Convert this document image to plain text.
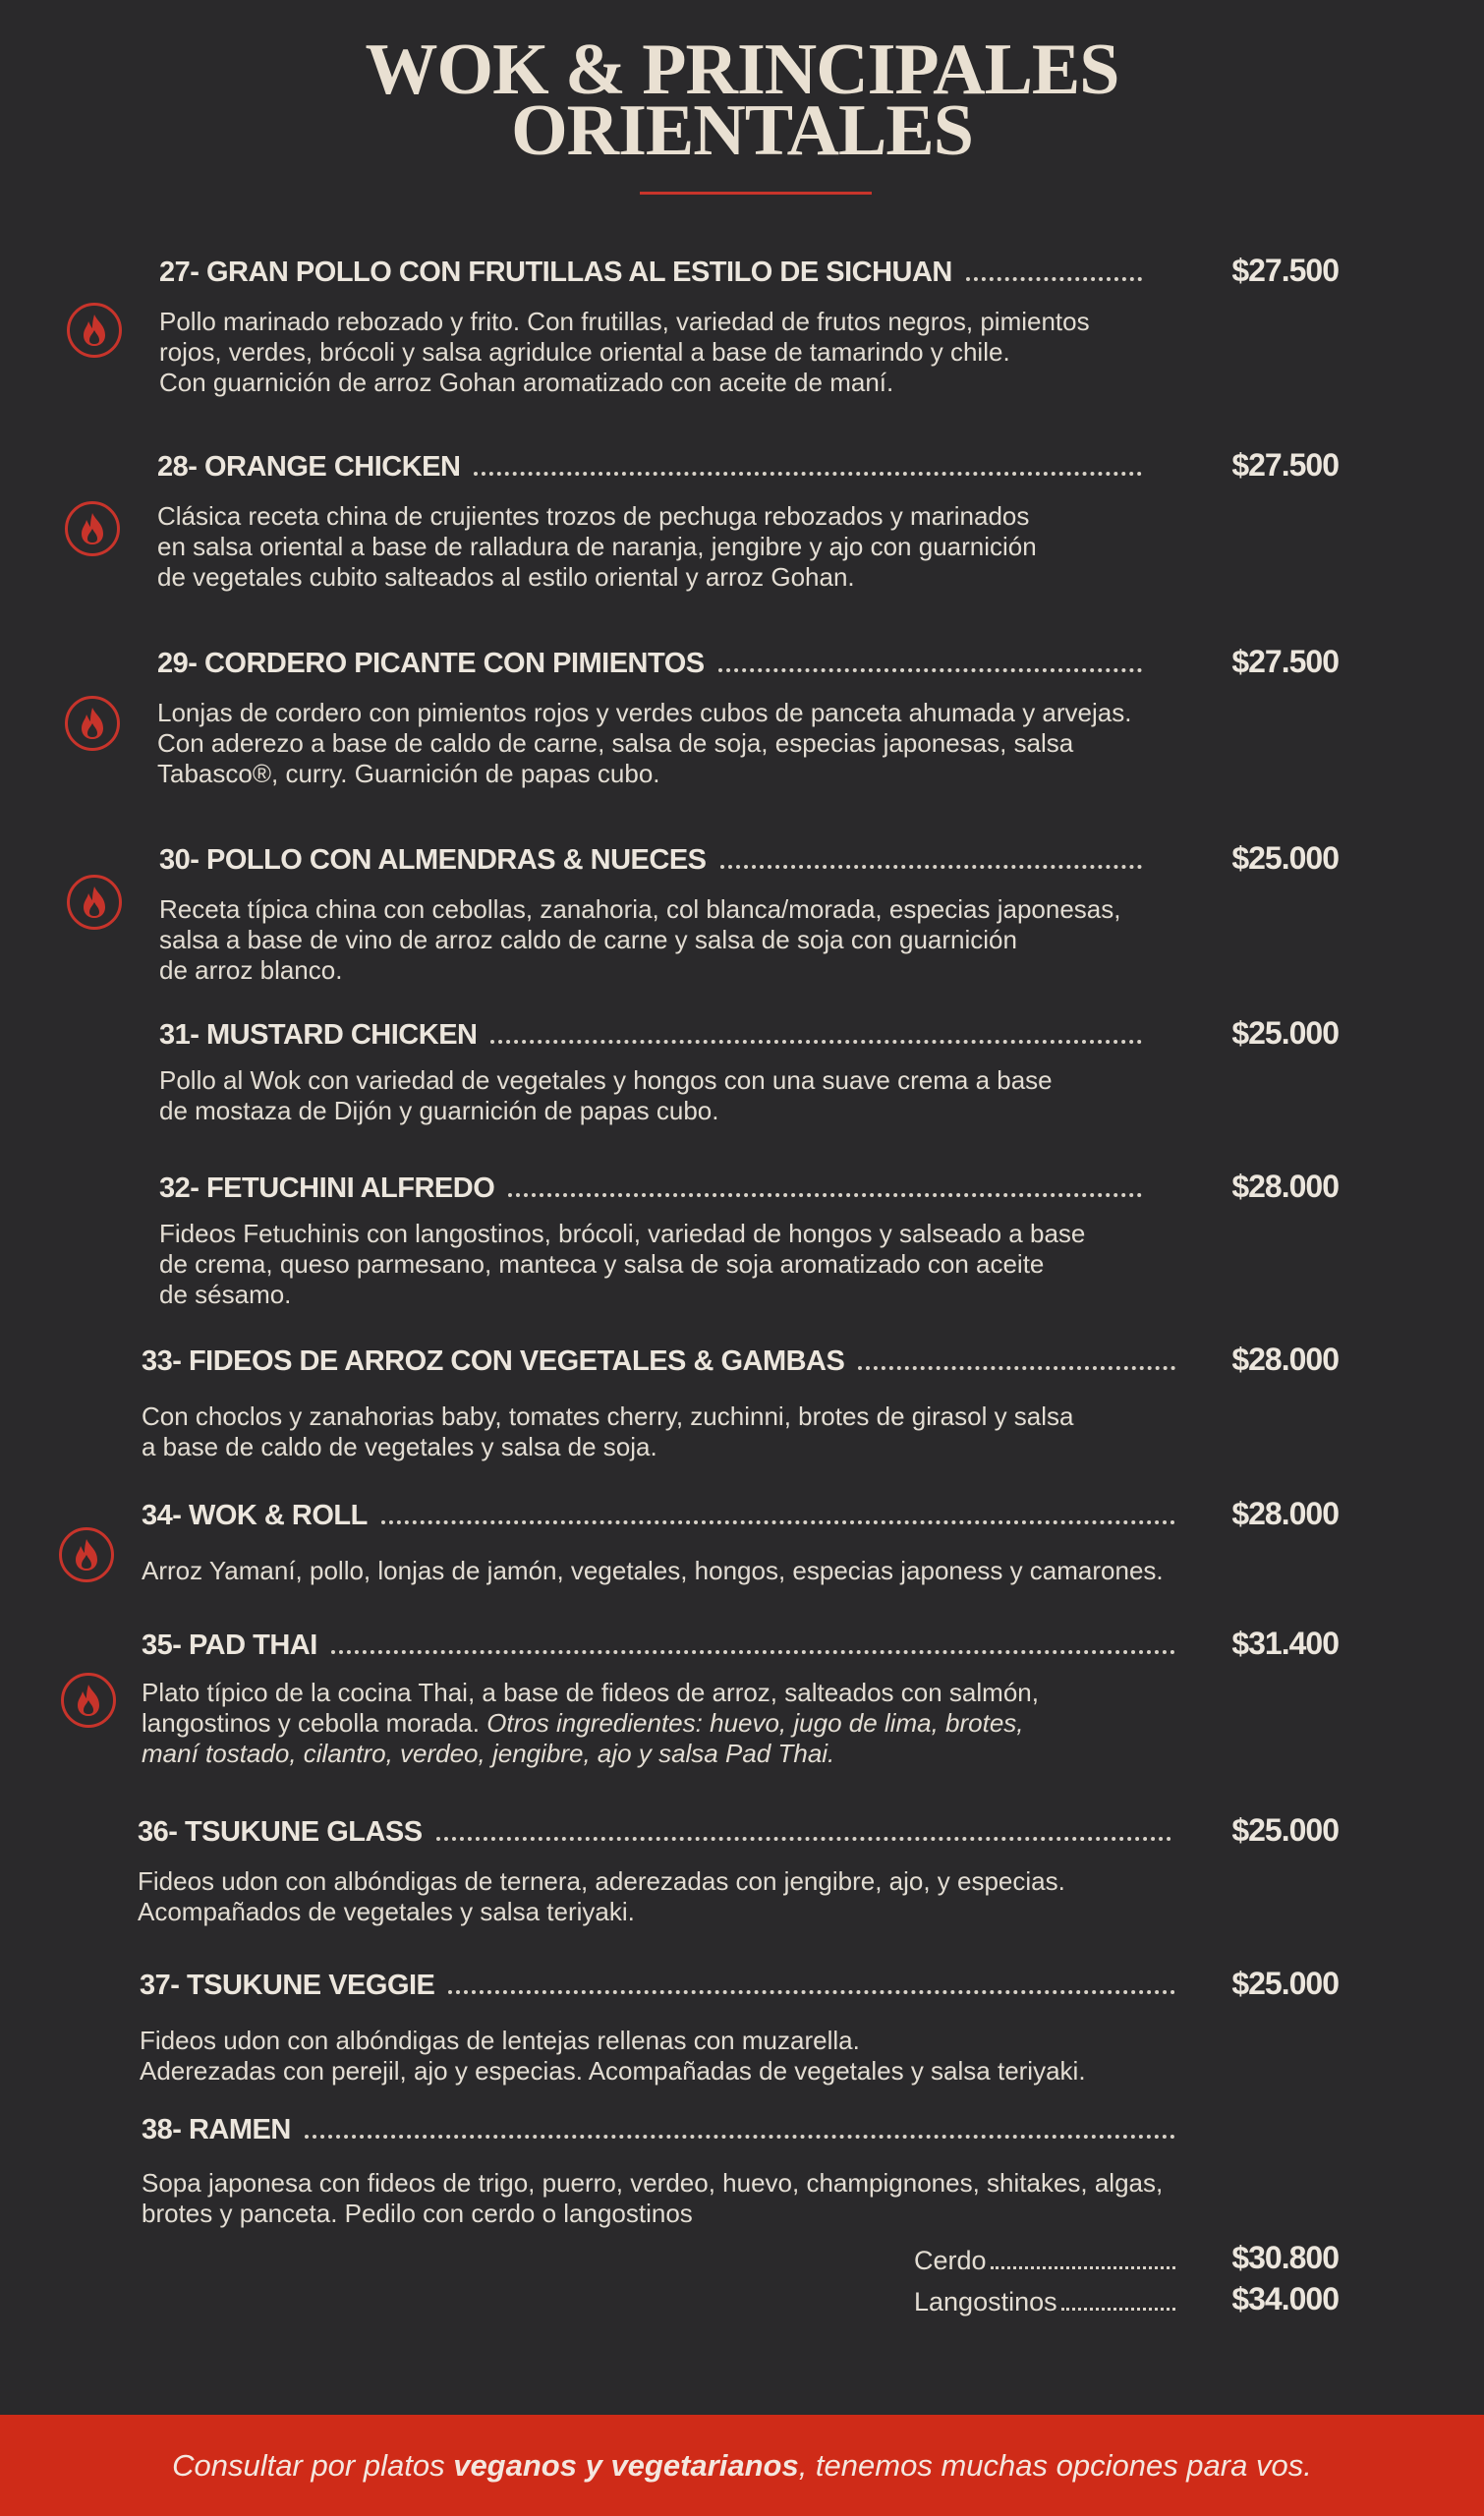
WOK & PRINCIPALES
ORIENTALES
27- GRAN POLLO CON FRUTILLAS AL ESTILO DE SICHUAN	$27.500
Pollo marinado rebozado y frito. Con frutillas, variedad de frutos negros, pimientos
rojos, verdes, brócoli y salsa agridulce oriental a base de tamarindo y chile.
Con guarnición de arroz Gohan aromatizado con aceite de maní.
28- ORANGE CHICKEN	$27.500
Clásica receta china de crujientes trozos de pechuga rebozados y marinados
en salsa oriental a base de ralladura de naranja, jengibre y ajo con guarnición
de vegetales cubito salteados al estilo oriental y arroz Gohan.
29- CORDERO PICANTE CON PIMIENTOS	$27.500
Lonjas de cordero con pimientos rojos y verdes cubos de panceta ahumada y arvejas.
Con aderezo a base de caldo de carne, salsa de soja, especias japonesas, salsa
Tabasco®, curry. Guarnición de papas cubo.
30- POLLO CON ALMENDRAS & NUECES	$25.000
Receta típica china con cebollas, zanahoria, col blanca/morada, especias japonesas,
salsa a base de vino de arroz caldo de carne y salsa de soja con guarnición
de arroz blanco.
31- MUSTARD CHICKEN	$25.000
Pollo al Wok con variedad de vegetales y hongos con una suave crema a base
de mostaza de Dijón y guarnición de papas cubo.
32- FETUCHINI ALFREDO	$28.000
Fideos Fetuchinis con langostinos, brócoli, variedad de hongos y salseado a base
de crema, queso parmesano, manteca y salsa de soja aromatizado con aceite
de sésamo.
33- FIDEOS DE ARROZ CON VEGETALES & GAMBAS	$28.000
Con choclos y zanahorias baby, tomates cherry, zuchinni, brotes de girasol y salsa
a base de caldo de vegetales y salsa de soja.
34- WOK & ROLL	$28.000
Arroz Yamaní, pollo, lonjas de jamón, vegetales, hongos, especias japoness y camarones.
35- PAD THAI	$31.400
Plato típico de la cocina Thai, a base de fideos de arroz, salteados con salmón,
langostinos y cebolla morada. Otros ingredientes: huevo, jugo de lima, brotes,
maní tostado, cilantro, verdeo, jengibre, ajo y salsa Pad Thai.
36- TSUKUNE GLASS	$25.000
Fideos udon con albóndigas de ternera, aderezadas con jengibre, ajo, y especias.
Acompañados de vegetales y salsa teriyaki.
37- TSUKUNE VEGGIE	$25.000
Fideos udon con albóndigas de lentejas rellenas con muzarella.
Aderezadas con perejil, ajo y especias. Acompañadas de vegetales y salsa teriyaki.
38- RAMEN
Sopa japonesa con fideos de trigo, puerro, verdeo, huevo, champignones, shitakes, algas,
brotes y panceta. Pedilo con cerdo o langostinos
Cerdo	$30.800
Langostinos	$34.000
Consultar por platos veganos y vegetarianos, tenemos muchas opciones para vos.
